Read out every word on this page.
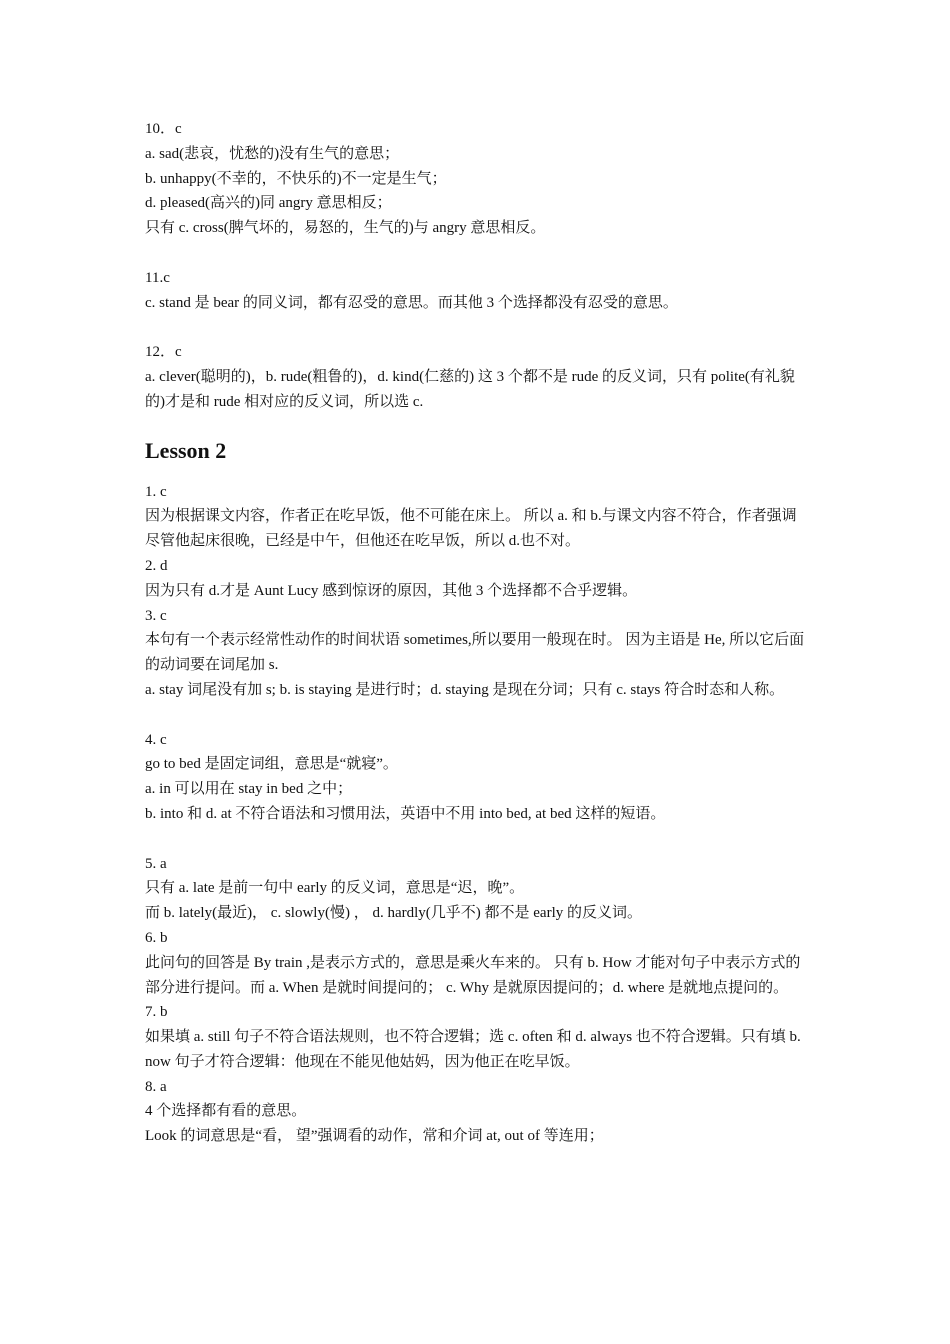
10．c

a. sad(悲哀，忧愁的)没有生气的意思；

b. unhappy(不幸的，不快乐的)不一定是生气；

d. pleased(高兴的)同 angry 意思相反；

只有 c. cross(脾气坏的，易怒的，生气的)与 angry 意思相反。

11.c

c. stand 是 bear 的同义词，都有忍受的意思。而其他 3 个选择都没有忍受的意思。

12．c

a. clever(聪明的)，b. rude(粗鲁的)，d. kind(仁慈的) 这 3 个都不是 rude 的反义词，只有 polite(有礼貌的)才是和 rude 相对应的反义词，所以选 c.

Lesson 2

1. c

因为根据课文内容，作者正在吃早饭，他不可能在床上。 所以 a. 和 b.与课文内容不符合，作者强调尽管他起床很晚，已经是中午，但他还在吃早饭，所以 d.也不对。

2. d

因为只有 d.才是 Aunt Lucy 感到惊讶的原因，其他 3 个选择都不合乎逻辑。

3. c

本句有一个表示经常性动作的时间状语 sometimes,所以要用一般现在时。 因为主语是 He, 所以它后面的动词要在词尾加 s.

a. stay 词尾没有加 s; b. is staying 是进行时；d. staying 是现在分词；只有 c. stays 符合时态和人称。

4. c

go to bed 是固定词组，意思是“就寝”。

a. in 可以用在 stay in bed 之中；

b. into 和 d. at 不符合语法和习惯用法，英语中不用 into bed, at bed 这样的短语。

5. a

只有 a. late 是前一句中 early 的反义词，意思是“迟，晚”。

而 b. lately(最近)， c. slowly(慢) ， d. hardly(几乎不) 都不是 early 的反义词。

6. b

此问句的回答是 By train ,是表示方式的，意思是乘火车来的。 只有 b. How 才能对句子中表示方式的部分进行提问。而 a. When 是就时间提问的； c. Why 是就原因提问的；d. where 是就地点提问的。

7. b

如果填 a. still 句子不符合语法规则，也不符合逻辑；选 c. often 和 d. always 也不符合逻辑。只有填 b. now 句子才符合逻辑：他现在不能见他姑妈，因为他正在吃早饭。

8. a

4 个选择都有看的意思。

Look 的词意思是“看， 望”强调看的动作，常和介词 at, out of 等连用；
